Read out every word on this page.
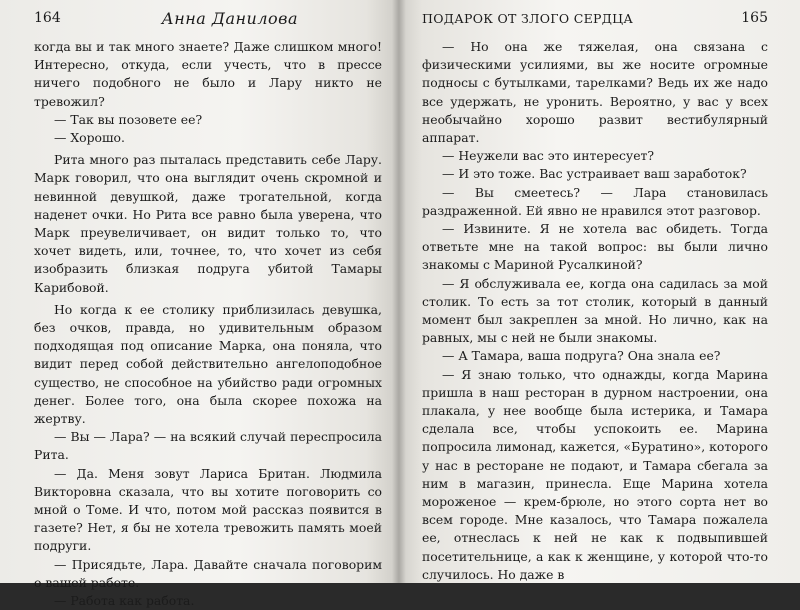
164	Анна Данилова

когда вы и так много знаете? Даже слишком много! Интересно, откуда, если учесть, что в прессе ничего подобного не было и Лару никто не тревожил?

— Так вы позовете ее?

— Хорошо.

Рита много раз пыталась представить себе Лару. Марк говорил, что она выглядит очень скромной и невинной девушкой, даже трогательной, когда наденет очки. Но Рита все равно была уверена, что Марк преувеличивает, он видит только то, что хочет видеть, или, точнее, то, что хочет из себя изобразить близкая подруга убитой Тамары Карибовой.

Но когда к ее столику приблизилась девушка, без очков, правда, но удивительным образом подходящая под описание Марка, она поняла, что видит перед собой действительно ангелоподобное существо, не способное на убийство ради огромных денег. Более того, она была скорее похожа на жертву.

— Вы — Лара? — на всякий случай переспросила Рита.

— Да. Меня зовут Лариса Британ. Людмила Викторовна сказала, что вы хотите поговорить со мной о Томе. И что, потом мой рассказ появится в газете? Нет, я бы не хотела тревожить память моей подруги.

— Присядьте, Лара. Давайте сначала поговорим о вашей работе.

— Работа как работа.

ПОДАРОК ОТ ЗЛОГО СЕРДЦА	165

— Но она же тяжелая, она связана с физическими усилиями, вы же носите огромные подносы с бутылками, тарелками? Ведь их же надо все удержать, не уронить. Вероятно, у вас у всех необычайно хорошо развит вестибулярный аппарат.

— Неужели вас это интересует?

— И это тоже. Вас устраивает ваш заработок?

— Вы смеетесь? — Лара становилась раздраженной. Ей явно не нравился этот разговор.

— Извините. Я не хотела вас обидеть. Тогда ответьте мне на такой вопрос: вы были лично знакомы с Мариной Русалкиной?

— Я обслуживала ее, когда она садилась за мой столик. То есть за тот столик, который в данный момент был закреплен за мной. Но лично, как на равных, мы с ней не были знакомы.

— А Тамара, ваша подруга? Она знала ее?

— Я знаю только, что однажды, когда Марина пришла в наш ресторан в дурном настроении, она плакала, у нее вообще была истерика, и Тамара сделала все, чтобы успокоить ее. Марина попросила лимонад, кажется, «Буратино», которого у нас в ресторане не подают, и Тамара сбегала за ним в магазин, принесла. Еще Марина хотела мороженое — крем-брюле, но этого сорта нет во всем городе. Мне казалось, что Тамара пожалела ее, отнеслась к ней не как к подвыпившей посетительнице, а как к женщине, у которой что-то случилось. Но даже в
